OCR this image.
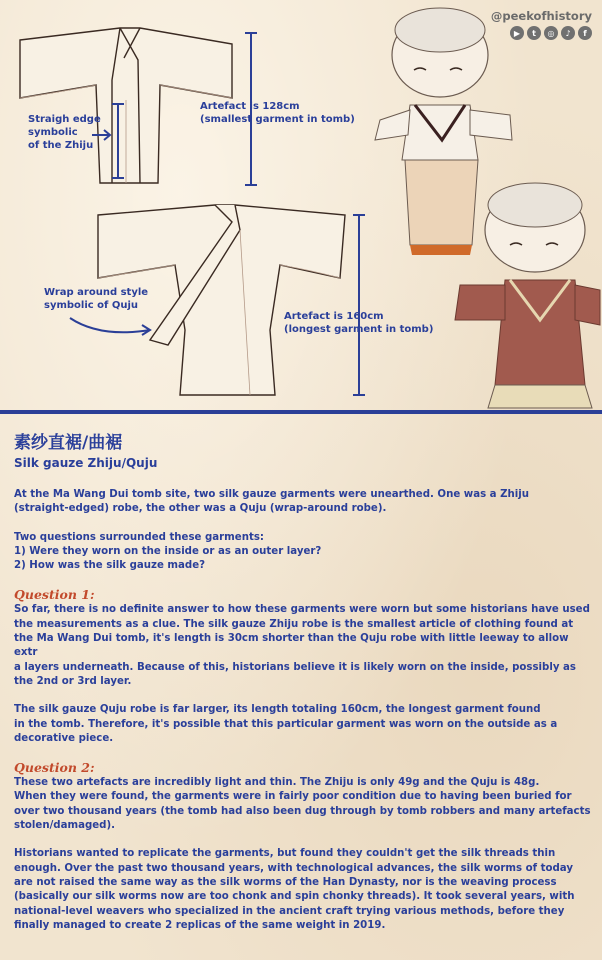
Straigh edge
symbolic
of the Zhiju
Artefact is 128cm
(smallest garment in tomb)
Wrap around style
symbolic of Quju
Artefact is 160cm
(longest garment in tomb)
@peekofhistory
▶	t	◎	♪	f
素纱直裾/曲裾
Silk gauze Zhiju/Quju

At the Ma Wang Dui tomb site, two silk gauze garments were unearthed. One was a Zhiju
(straight-edged) robe, the other was a Quju (wrap-around robe).

Two questions surrounded these garments:
1) Were they worn on the inside or as an outer layer?
2) How was the silk gauze made?

Question 1:

So far, there is no definite answer to how these garments were worn but some historians have used
the measurements as a clue. The silk gauze Zhiju robe is the smallest article of clothing found at
the Ma Wang Dui tomb, it's length is 30cm shorter than the Quju robe with little leeway to allow extr
a layers underneath. Because of this, historians believe it is likely worn on the inside, possibly as
the 2nd or 3rd layer.

The silk gauze Quju robe is far larger, its length totaling 160cm, the longest garment found
in the tomb. Therefore, it's possible that this particular garment was worn on the outside as a
decorative piece.

Question 2:

These two artefacts are incredibly light and thin. The Zhiju is only 49g and the Quju is 48g.
When they were found, the garments were in fairly poor condition due to having been buried for
over two thousand years (the tomb had also been dug through by tomb robbers and many artefacts
stolen/damaged).

Historians wanted to replicate the garments, but found they couldn't get the silk threads thin
enough. Over the past two thousand years, with technological advances, the silk worms of today
are not raised the same way as the silk worms of the Han Dynasty, nor is the weaving process
(basically our silk worms now are too chonk and spin chonky threads). It took several years, with
national-level weavers who specialized in the ancient craft trying various methods, before they
finally managed to create 2 replicas of the same weight in 2019.
